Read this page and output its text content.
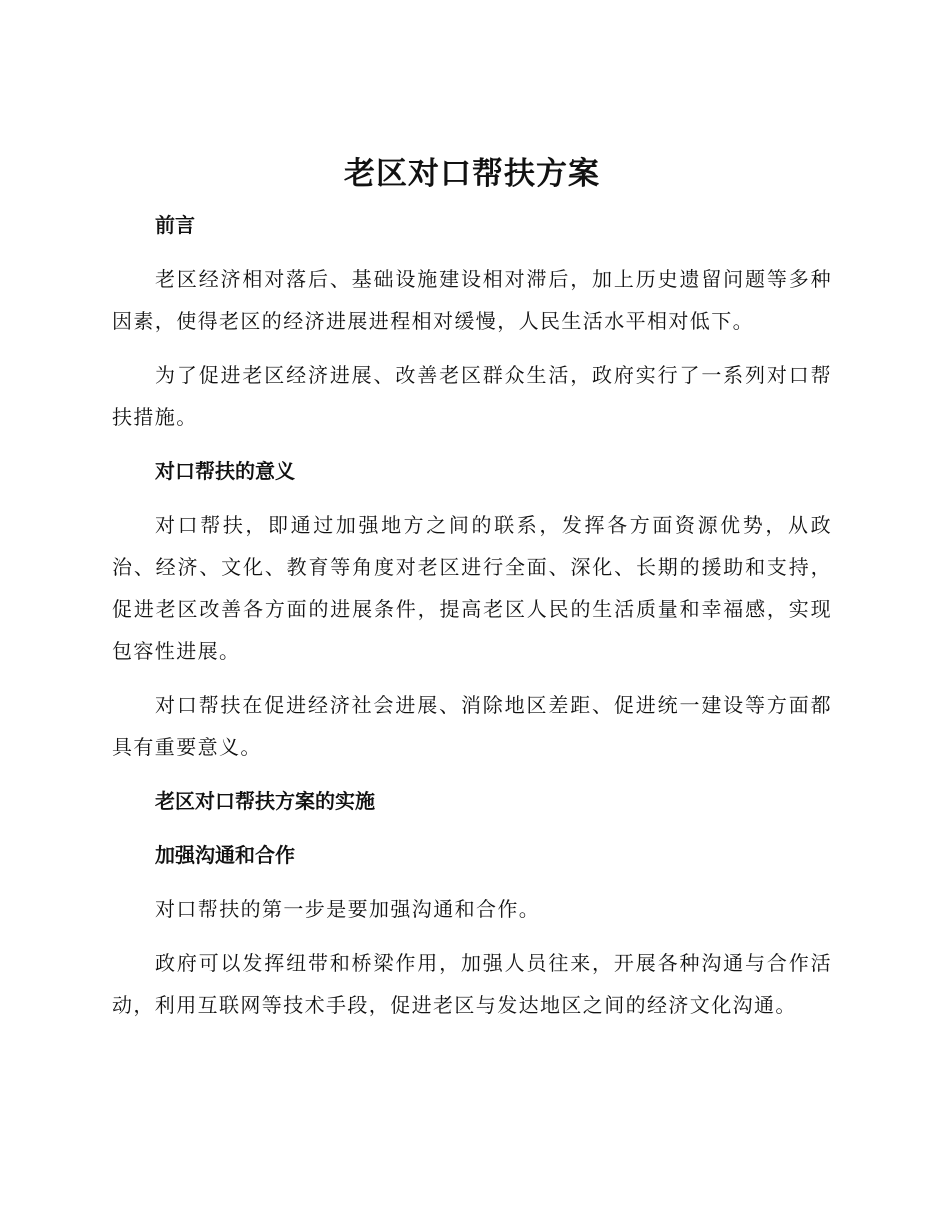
老区对口帮扶方案
前言

老区经济相对落后、基础设施建设相对滞后，加上历史遗留问题等多种因素，使得老区的经济进展进程相对缓慢，人民生活水平相对低下。

为了促进老区经济进展、改善老区群众生活，政府实行了一系列对口帮扶措施。

对口帮扶的意义

对口帮扶，即通过加强地方之间的联系，发挥各方面资源优势，从政治、经济、文化、教育等角度对老区进行全面、深化、长期的援助和支持，促进老区改善各方面的进展条件，提高老区人民的生活质量和幸福感，实现包容性进展。

对口帮扶在促进经济社会进展、消除地区差距、促进统一建设等方面都具有重要意义。

老区对口帮扶方案的实施
加强沟通和合作

对口帮扶的第一步是要加强沟通和合作。

政府可以发挥纽带和桥梁作用，加强人员往来，开展各种沟通与合作活动，利用互联网等技术手段，促进老区与发达地区之间的经济文化沟通。
